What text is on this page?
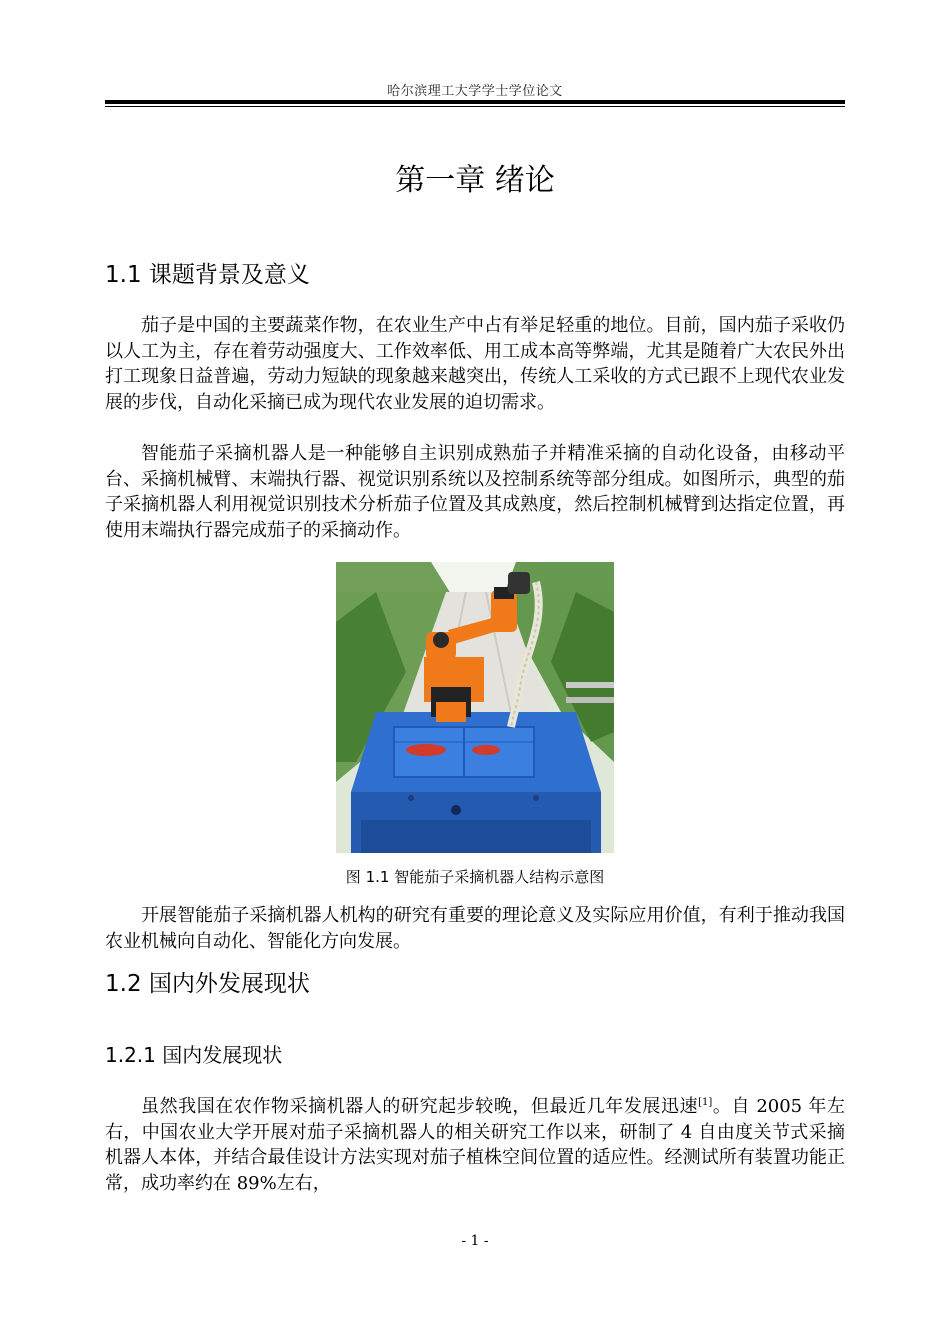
哈尔滨理工大学学士学位论文
第一章 绪论
1.1 课题背景及意义
茄子是中国的主要蔬菜作物，在农业生产中占有举足轻重的地位。目前，国内茄子采收仍以人工为主，存在着劳动强度大、工作效率低、用工成本高等弊端，尤其是随着广大农民外出打工现象日益普遍，劳动力短缺的现象越来越突出，传统人工采收的方式已跟不上现代农业发展的步伐，自动化采摘已成为现代农业发展的迫切需求。
智能茄子采摘机器人是一种能够自主识别成熟茄子并精准采摘的自动化设备，由移动平台、采摘机械臂、末端执行器、视觉识别系统以及控制系统等部分组成。如图所示，典型的茄子采摘机器人利用视觉识别技术分析茄子位置及其成熟度，然后控制机械臂到达指定位置，再使用末端执行器完成茄子的采摘动作。
图 1.1 智能茄子采摘机器人结构示意图
开展智能茄子采摘机器人机构的研究有重要的理论意义及实际应用价值，有利于推动我国农业机械向自动化、智能化方向发展。
1.2 国内外发展现状
1.2.1 国内发展现状
虽然我国在农作物采摘机器人的研究起步较晚，但最近几年发展迅速[1]。自 2005 年左右，中国农业大学开展对茄子采摘机器人的相关研究工作以来，研制了 4 自由度关节式采摘机器人本体，并结合最佳设计方法实现对茄子植株空间位置的适应性。经测试所有装置功能正常，成功率约在 89%左右，
- 1 -
